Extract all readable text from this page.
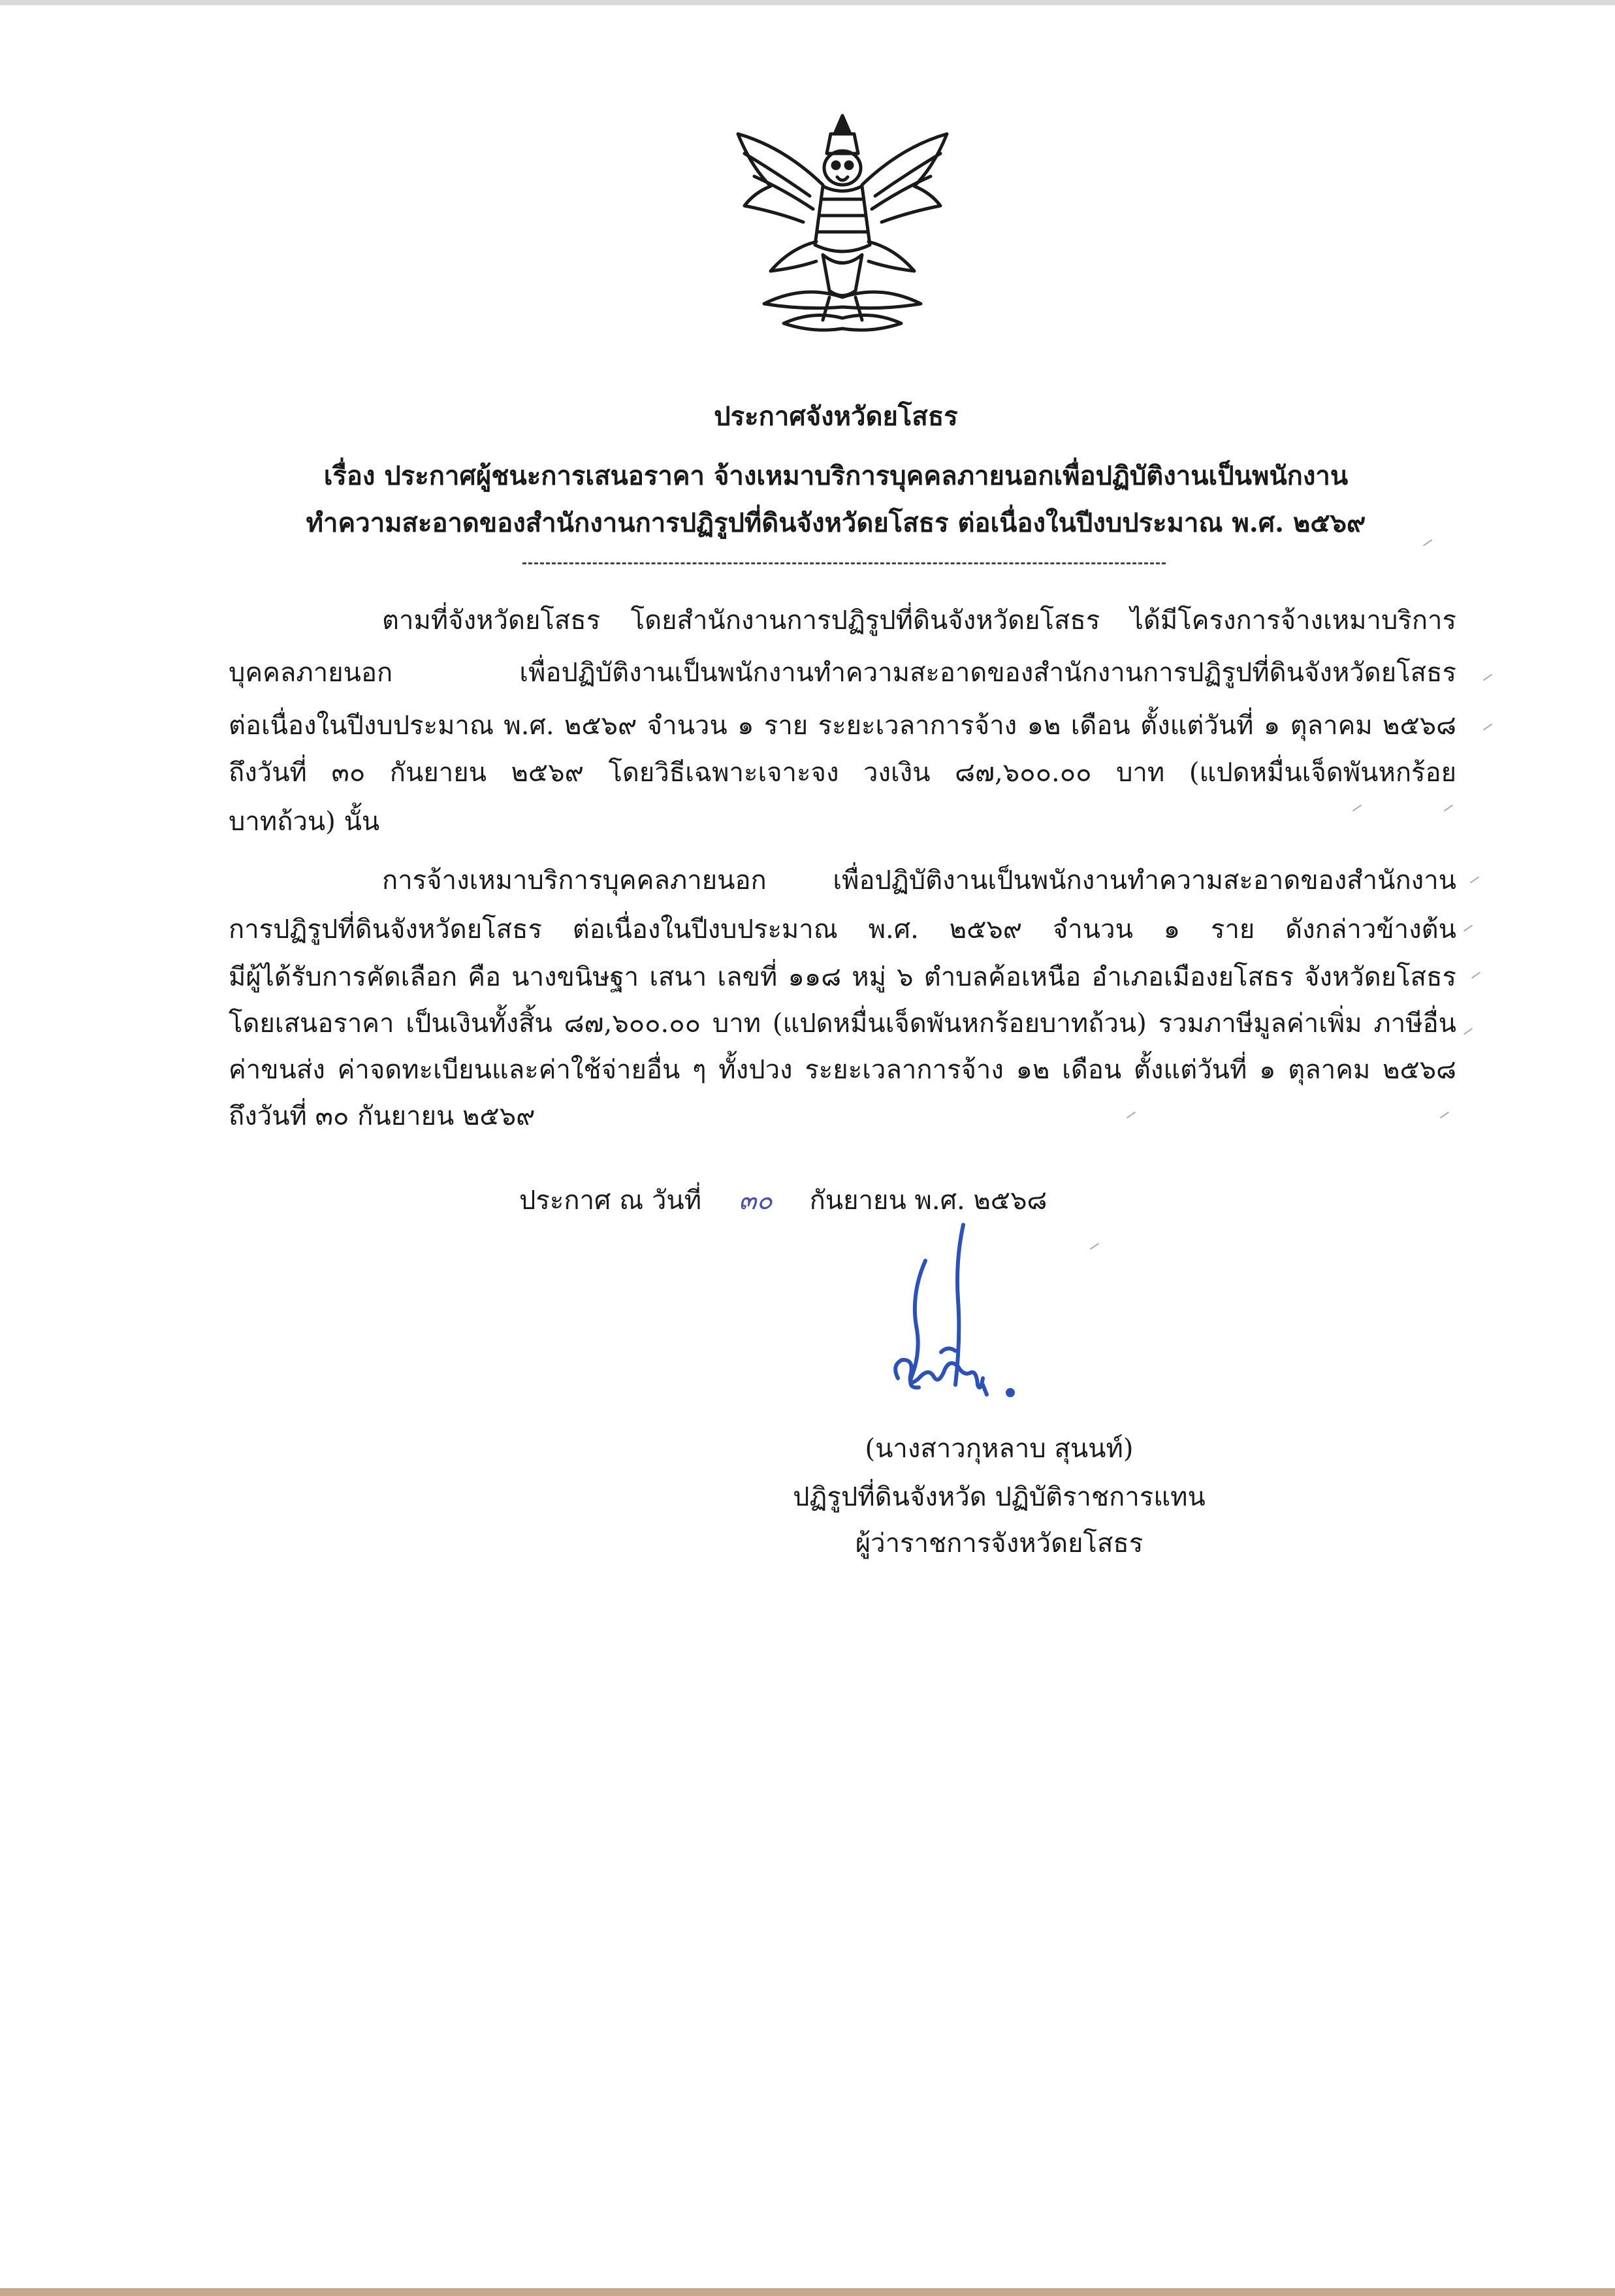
ประกาศจังหวัดยโสธร
เรื่อง ประกาศผู้ชนะการเสนอราคา จ้างเหมาบริการบุคคลภายนอกเพื่อปฏิบัติงานเป็นพนักงาน
ทำความสะอาดของสำนักงานการปฏิรูปที่ดินจังหวัดยโสธร ต่อเนื่องในปีงบประมาณ พ.ศ. ๒๕๖๙
ตามที่จังหวัดยโสธร โดยสำนักงานการปฏิรูปที่ดินจังหวัดยโสธร ได้มีโครงการจ้างเหมาบริการ
บุคคลภายนอก เพื่อปฏิบัติงานเป็นพนักงานทำความสะอาดของสำนักงานการปฏิรูปที่ดินจังหวัดยโสธร
ต่อเนื่องในปีงบประมาณ พ.ศ. ๒๕๖๙ จำนวน ๑ ราย ระยะเวลาการจ้าง ๑๒ เดือน ตั้งแต่วันที่ ๑ ตุลาคม ๒๕๖๘
ถึงวันที่ ๓๐ กันยายน ๒๕๖๙ โดยวิธีเฉพาะเจาะจง วงเงิน ๘๗,๖๐๐.๐๐ บาท (แปดหมื่นเจ็ดพันหกร้อย
บาทถ้วน) นั้น
การจ้างเหมาบริการบุคคลภายนอก เพื่อปฏิบัติงานเป็นพนักงานทำความสะอาดของสำนักงาน
การปฏิรูปที่ดินจังหวัดยโสธร ต่อเนื่องในปีงบประมาณ พ.ศ. ๒๕๖๙ จำนวน ๑ ราย ดังกล่าวข้างต้น
มีผู้ได้รับการคัดเลือก คือ นางขนิษฐา เสนา เลขที่ ๑๑๘ หมู่ ๖ ตำบลค้อเหนือ อำเภอเมืองยโสธร จังหวัดยโสธร
โดยเสนอราคา เป็นเงินทั้งสิ้น ๘๗,๖๐๐.๐๐ บาท (แปดหมื่นเจ็ดพันหกร้อยบาทถ้วน) รวมภาษีมูลค่าเพิ่ม ภาษีอื่น
ค่าขนส่ง ค่าจดทะเบียนและค่าใช้จ่ายอื่น ๆ ทั้งปวง ระยะเวลาการจ้าง ๑๒ เดือน ตั้งแต่วันที่ ๑ ตุลาคม ๒๕๖๘
ถึงวันที่ ๓๐ กันยายน ๒๕๖๙
ประกาศ ณ วันที่ ๓๐ กันยายน พ.ศ. ๒๕๖๘
(นางสาวกุหลาบ สุนนท์)
ปฏิรูปที่ดินจังหวัด ปฏิบัติราชการแทน
ผู้ว่าราชการจังหวัดยโสธร
